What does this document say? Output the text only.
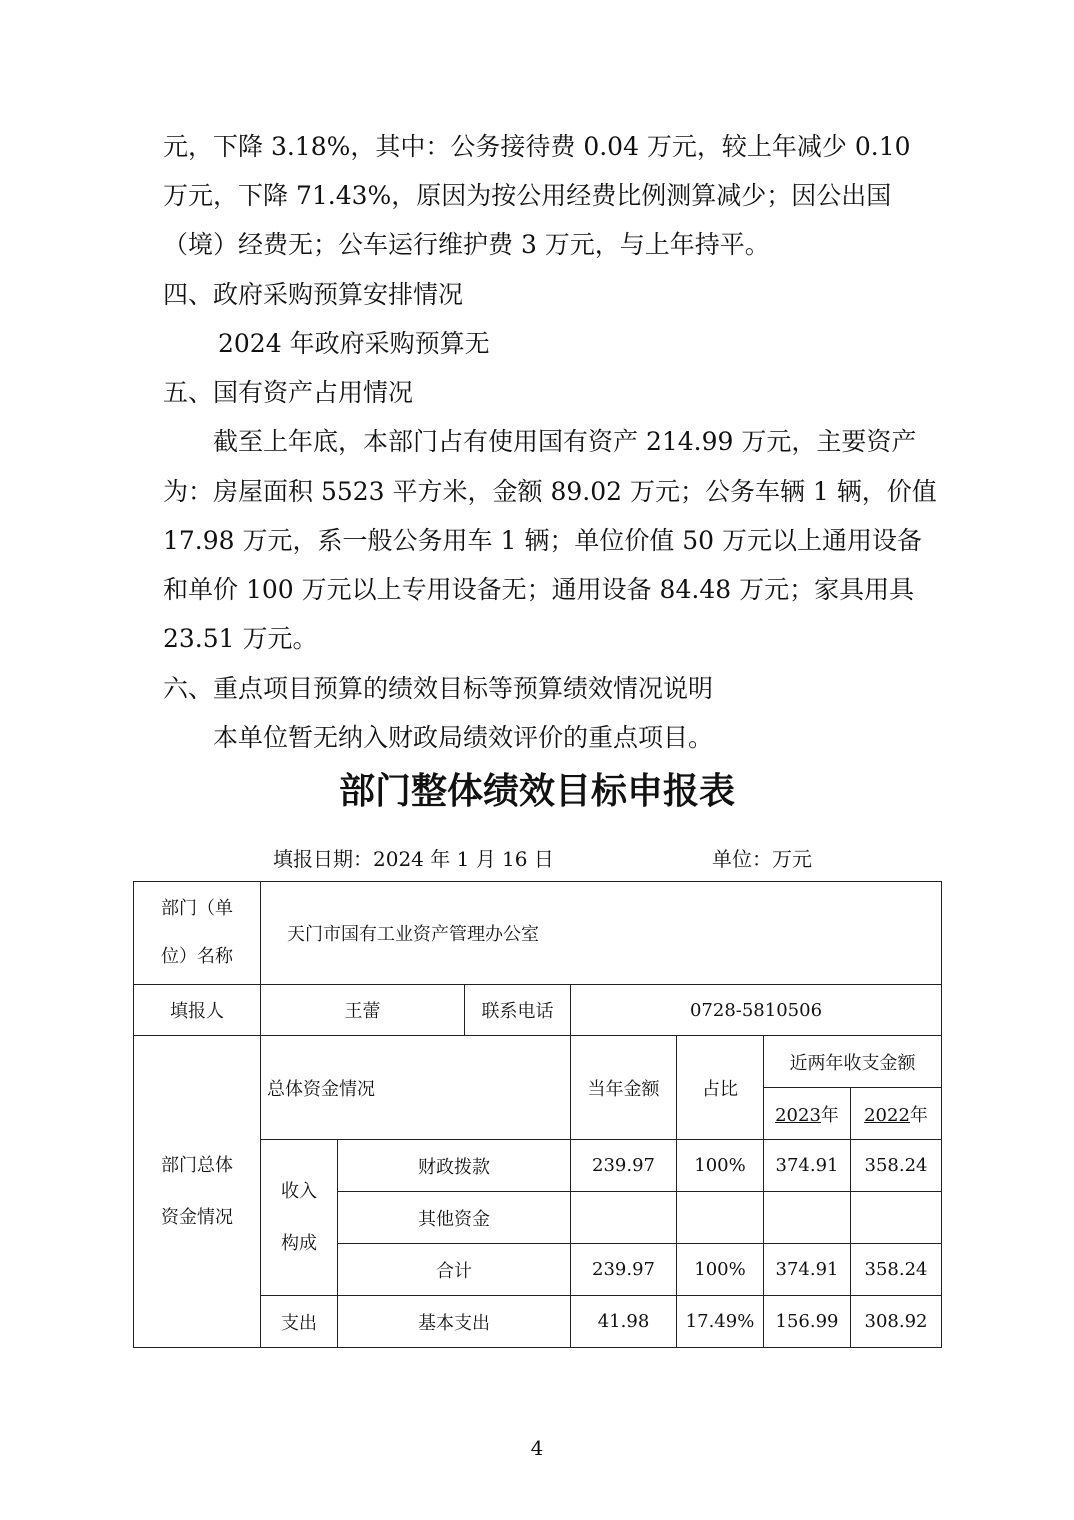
元，下降 3.18%，其中：公务接待费 0.04 万元，较上年减少 0.10
万元，下降 71.43%，原因为按公用经费比例测算减少；因公出国
（境）经费无；公车运行维护费 3 万元，与上年持平。
四、政府采购预算安排情况
2024 年政府采购预算无
五、国有资产占用情况
截至上年底，本部门占有使用国有资产 214.99 万元，主要资产
为：房屋面积 5523 平方米，金额 89.02 万元；公务车辆 1 辆，价值
17.98 万元，系一般公务用车 1 辆；单位价值 50 万元以上通用设备
和单价 100 万元以上专用设备无；通用设备 84.48 万元；家具用具
23.51 万元。
六、重点项目预算的绩效目标等预算绩效情况说明
本单位暂无纳入财政局绩效评价的重点项目。
部门整体绩效目标申报表
填报日期：2024 年 1 月 16 日	单位：万元
部门（单位）名称	天门市国有工业资产管理办公室						
填报人	王蕾		联系电话	0728-5810506			
部门总体资金情况	总体资金情况			当年金额	占比	近两年收支金额	
						2023年	2022年
	收入构成	财政拨款		239.97	100%	374.91	358.24
		其他资金					
		合计		239.97	100%	374.91	358.24
	支出	基本支出		41.98	17.49%	156.99	308.92
4
